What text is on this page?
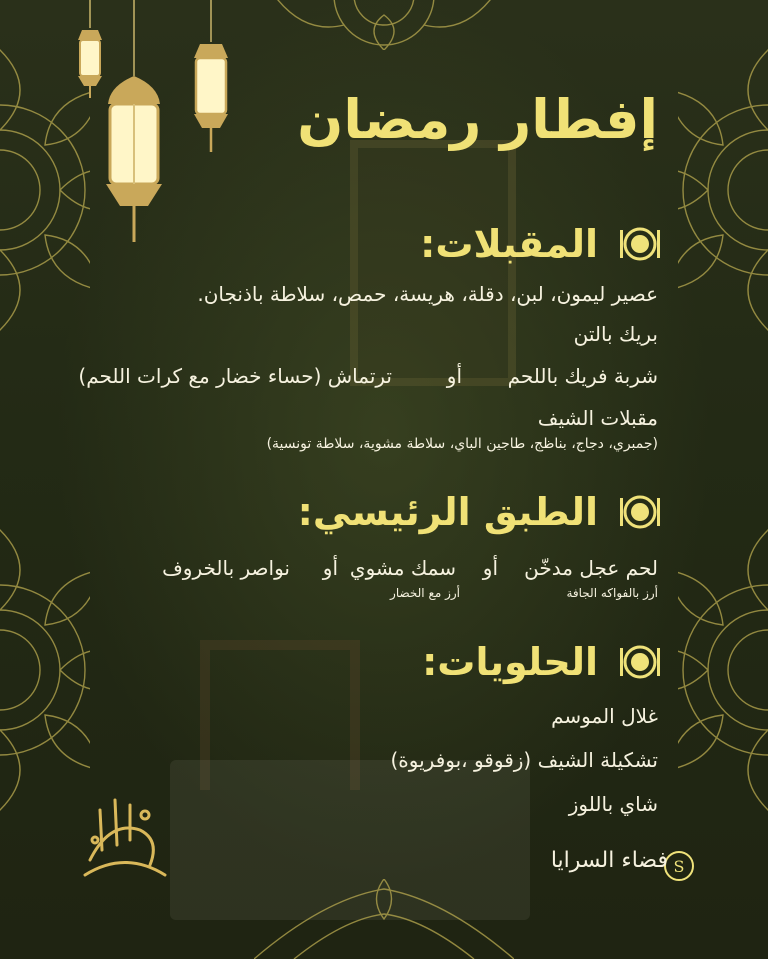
إفطار رمضان
المقبلات:
عصير ليمون، لبن، دقلة، هريسة، حمص، سلاطة باذنجان.
بريك بالتن
شربة فريك باللحم
أو
ترتماش (حساء خضار مع كرات اللحم)
مقبلات الشيف
(جمبري، دجاج، بناظج، طاجين الباي، سلاطة مشوية، سلاطة تونسية)
الطبق الرئيسي:
لحم عجل مدخّن
أرز بالفواكه الجافة
أو
سمك مشوي
أرز مع الخضار
أو
نواصر بالخروف
الحلويات:
غلال الموسم
تشكيلة الشيف (زقوقو ،بوفريوة)
شاي باللوز
S
فضاء السرايا
